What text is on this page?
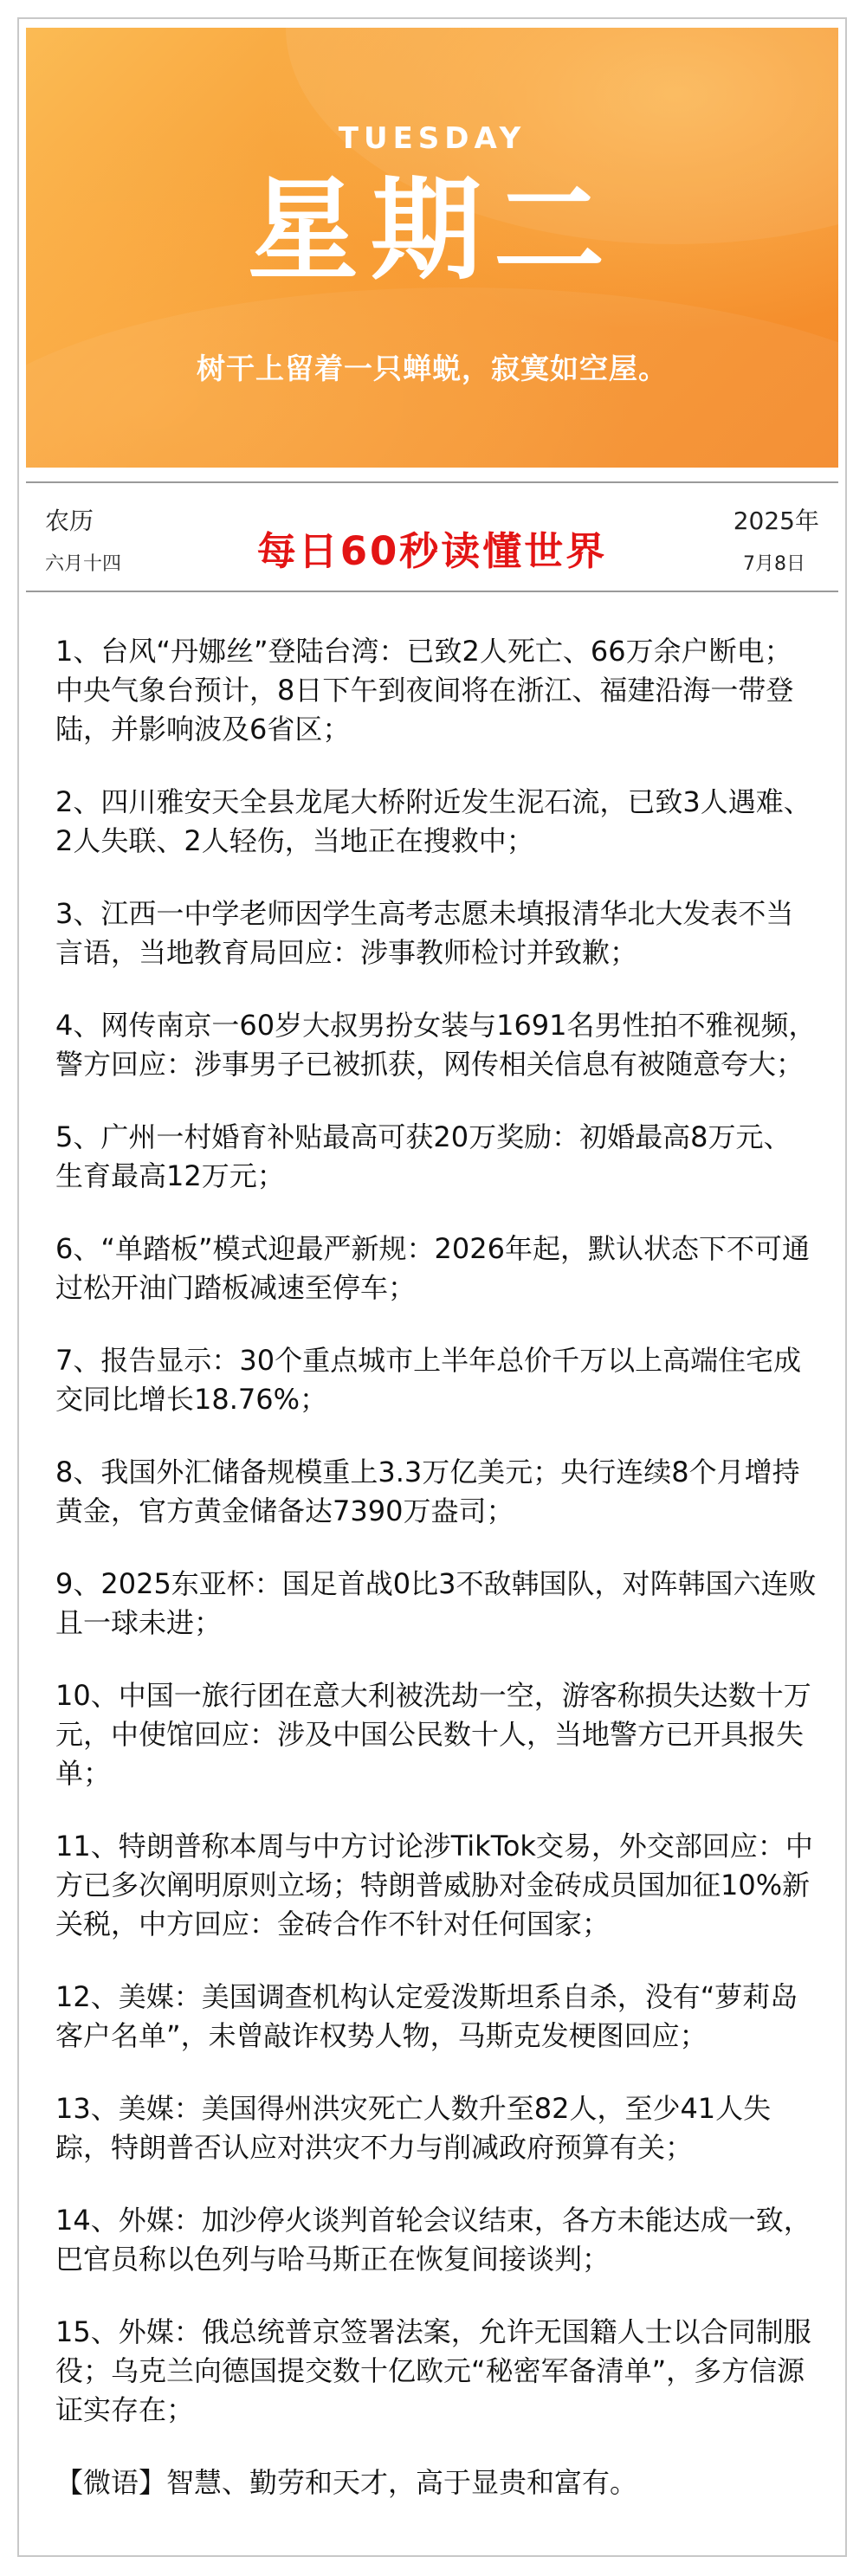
TUESDAY
星期二
树干上留着一只蝉蜕，寂寞如空屋。
农历
六月十四	每日60秒读懂世界
2025年
7月8日
1、台风“丹娜丝”登陆台湾：已致2人死亡、66万余户断电；中央气象台预计，8日下午到夜间将在浙江、福建沿海一带登陆，并影响波及6省区；
2、四川雅安天全县龙尾大桥附近发生泥石流，已致3人遇难、2人失联、2人轻伤，当地正在搜救中；
3、江西一中学老师因学生高考志愿未填报清华北大发表不当言语，当地教育局回应：涉事教师检讨并致歉；
4、网传南京一60岁大叔男扮女装与1691名男性拍不雅视频，警方回应：涉事男子已被抓获，网传相关信息有被随意夸大；
5、广州一村婚育补贴最高可获20万奖励：初婚最高8万元、生育最高12万元；
6、“单踏板”模式迎最严新规：2026年起，默认状态下不可通过松开油门踏板减速至停车；
7、报告显示：30个重点城市上半年总价千万以上高端住宅成交同比增长18.76%；
8、我国外汇储备规模重上3.3万亿美元；央行连续8个月增持黄金，官方黄金储备达7390万盎司；
9、2025东亚杯：国足首战0比3不敌韩国队，对阵韩国六连败且一球未进；
10、中国一旅行团在意大利被洗劫一空，游客称损失达数十万元，中使馆回应：涉及中国公民数十人，当地警方已开具报失单；
11、特朗普称本周与中方讨论涉TikTok交易，外交部回应：中方已多次阐明原则立场；特朗普威胁对金砖成员国加征10%新关税，中方回应：金砖合作不针对任何国家；
12、美媒：美国调查机构认定爱泼斯坦系自杀，没有“萝莉岛客户名单”，未曾敲诈权势人物，马斯克发梗图回应；
13、美媒：美国得州洪灾死亡人数升至82人，至少41人失踪，特朗普否认应对洪灾不力与削减政府预算有关；
14、外媒：加沙停火谈判首轮会议结束，各方未能达成一致，巴官员称以色列与哈马斯正在恢复间接谈判；
15、外媒：俄总统普京签署法案，允许无国籍人士以合同制服役；乌克兰向德国提交数十亿欧元“秘密军备清单”，多方信源证实存在；
【微语】智慧、勤劳和天才，高于显贵和富有。
